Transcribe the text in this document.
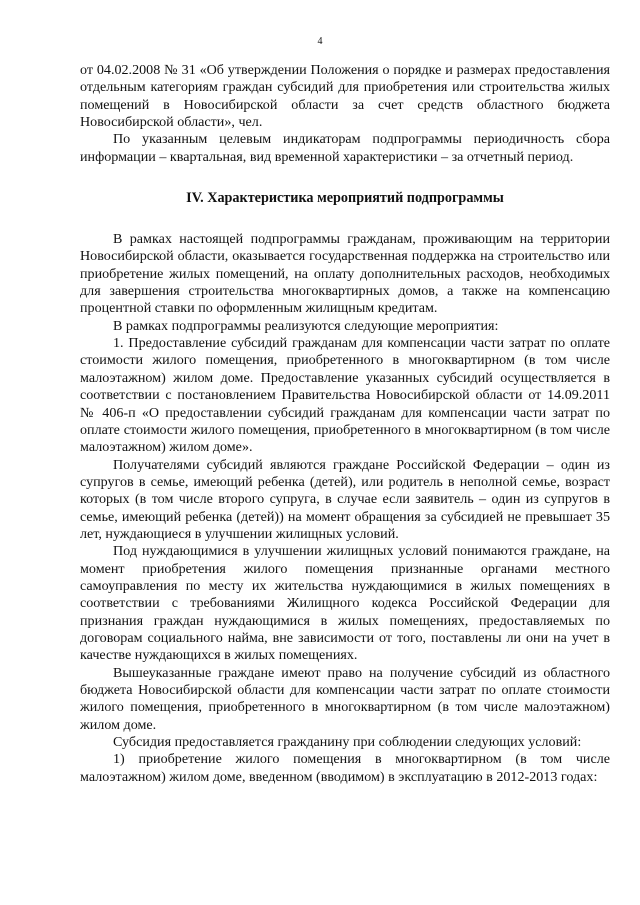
4

от 04.02.2008 № 31 «Об утверждении Положения о порядке и размерах предоставления отдельным категориям граждан субсидий для приобретения или строительства жилых помещений в Новосибирской области за счет средств областного бюджета Новосибирской области», чел.

По указанным целевым индикаторам подпрограммы периодичность сбора информации – квартальная, вид временной характеристики – за отчетный период.

IV. Характеристика мероприятий подпрограммы

В рамках настоящей подпрограммы гражданам, проживающим на территории Новосибирской области, оказывается государственная поддержка на строительство или приобретение жилых помещений, на оплату дополнительных расходов, необходимых для завершения строительства многоквартирных домов, а также на компенсацию процентной ставки по оформленным жилищным кредитам.

В рамках подпрограммы реализуются следующие мероприятия:

1. Предоставление субсидий гражданам для компенсации части затрат по оплате стоимости жилого помещения, приобретенного в многоквартирном (в том числе малоэтажном) жилом доме. Предоставление указанных субсидий осуществляется в соответствии с постановлением Правительства Новосибирской области от 14.09.2011 № 406-п «О предоставлении субсидий гражданам для компенсации части затрат по оплате стоимости жилого помещения, приобретенного в многоквартирном (в том числе малоэтажном) жилом доме».

Получателями субсидий являются граждане Российской Федерации – один из супругов в семье, имеющий ребенка (детей), или родитель в неполной семье, возраст которых (в том числе второго супруга, в случае если заявитель – один из супругов в семье, имеющий ребенка (детей)) на момент обращения за субсидией не превышает 35 лет, нуждающиеся в улучшении жилищных условий.

Под нуждающимися в улучшении жилищных условий понимаются граждане, на момент приобретения жилого помещения признанные органами местного самоуправления по месту их жительства нуждающимися в жилых помещениях в соответствии с требованиями Жилищного кодекса Российской Федерации для признания граждан нуждающимися в жилых помещениях, предоставляемых по договорам социального найма, вне зависимости от того, поставлены ли они на учет в качестве нуждающихся в жилых помещениях.

Вышеуказанные граждане имеют право на получение субсидий из областного бюджета Новосибирской области для компенсации части затрат по оплате стоимости жилого помещения, приобретенного в многоквартирном (в том числе малоэтажном) жилом доме.

Субсидия предоставляется гражданину при соблюдении следующих условий:

1) приобретение жилого помещения в многоквартирном (в том числе малоэтажном) жилом доме, введенном (вводимом) в эксплуатацию в 2012-2013 годах:
